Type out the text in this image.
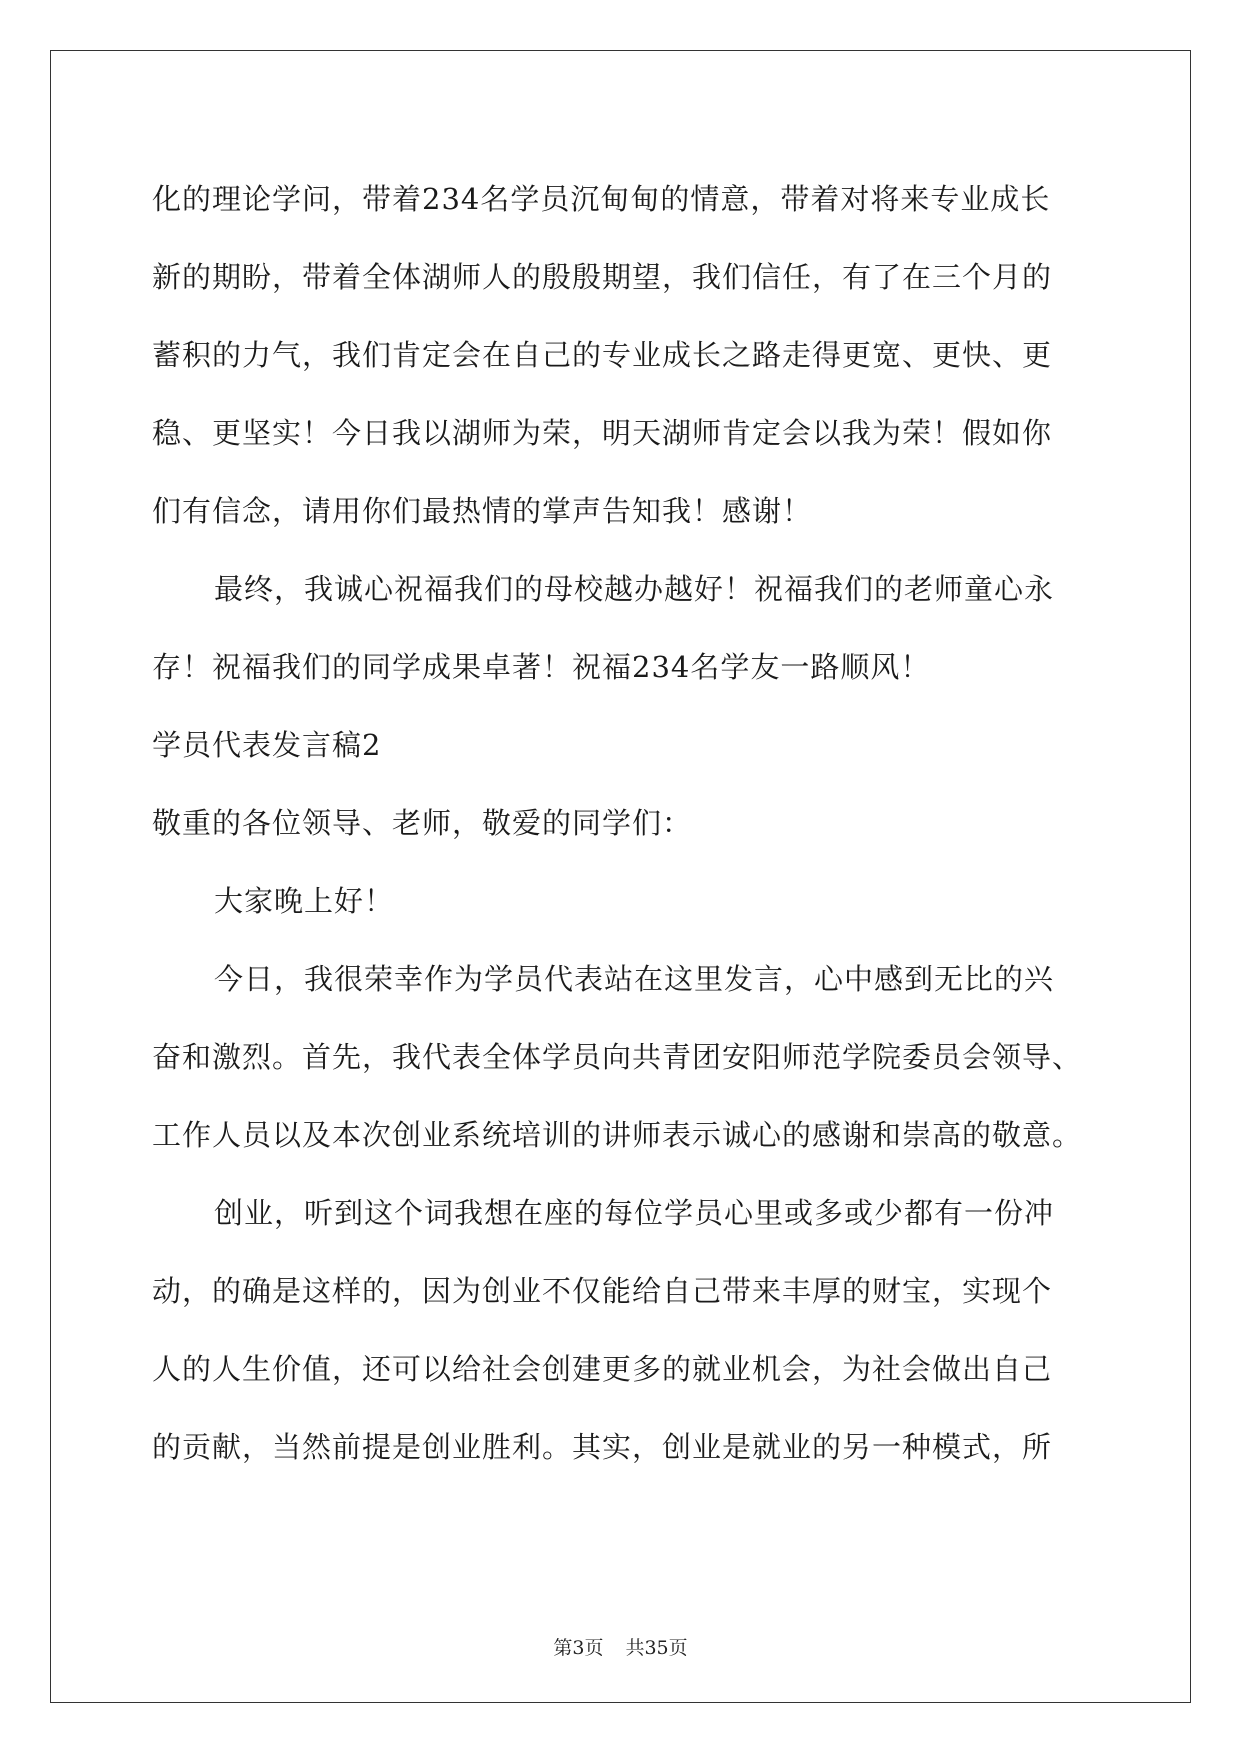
化的理论学问，带着234名学员沉甸甸的情意，带着对将来专业成长
新的期盼，带着全体湖师人的殷殷期望，我们信任，有了在三个月的
蓄积的力气，我们肯定会在自己的专业成长之路走得更宽、更快、更
稳、更坚实！今日我以湖师为荣，明天湖师肯定会以我为荣！假如你
们有信念，请用你们最热情的掌声告知我！感谢！
最终，我诚心祝福我们的母校越办越好！祝福我们的老师童心永
存！祝福我们的同学成果卓著！祝福234名学友一路顺风！
学员代表发言稿2
敬重的各位领导、老师，敬爱的同学们：
大家晚上好！
今日，我很荣幸作为学员代表站在这里发言，心中感到无比的兴
奋和激烈。首先，我代表全体学员向共青团安阳师范学院委员会领导、
工作人员以及本次创业系统培训的讲师表示诚心的感谢和崇高的敬意。
创业，听到这个词我想在座的每位学员心里或多或少都有一份冲
动，的确是这样的，因为创业不仅能给自己带来丰厚的财宝，实现个
人的人生价值，还可以给社会创建更多的就业机会，为社会做出自己
的贡献，当然前提是创业胜利。其实，创业是就业的另一种模式，所
第3页 共35页
